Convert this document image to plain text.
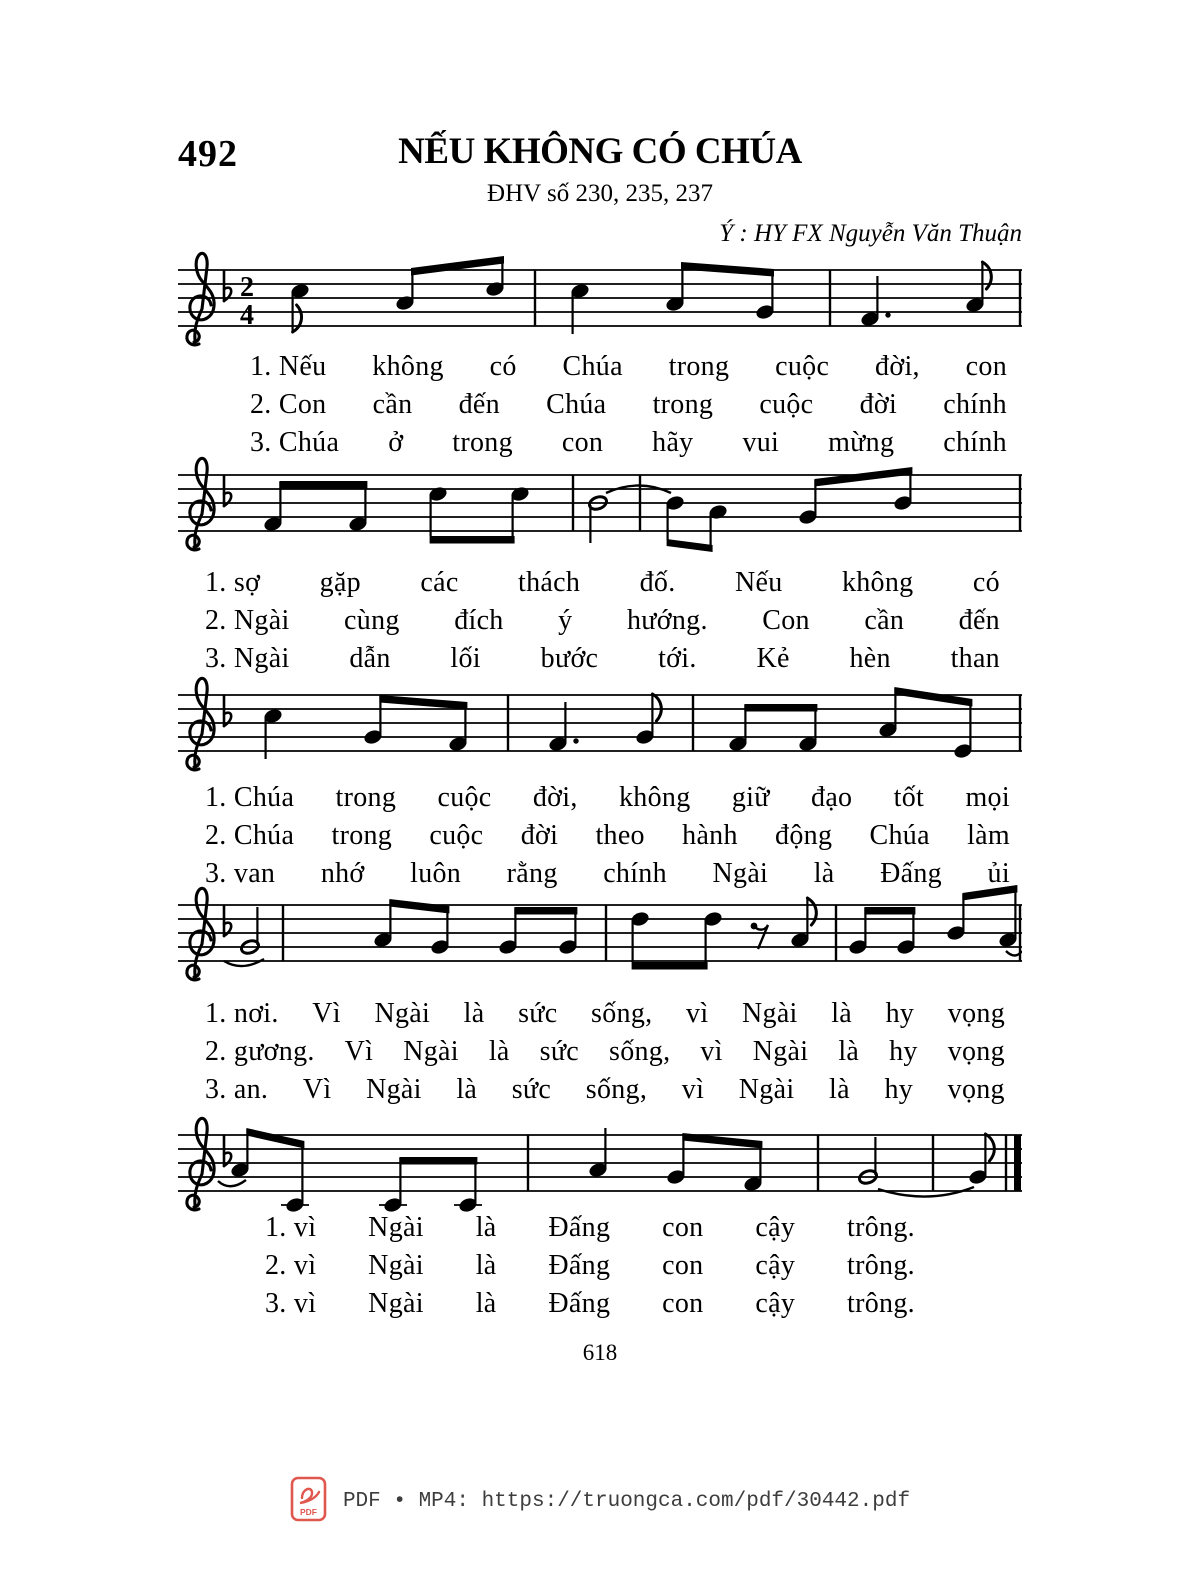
492	NẾU KHÔNG CÓ CHÚA
ĐHV số 230, 235, 237
Ý : HY FX Nguyễn Văn Thuận
2
4
1. Nếu không có Chúa trong cuộc đời, con
2. Con cần đến Chúa trong cuộc đời chính
3. Chúa ở trong con hãy vui mừng chính
1. sợ gặp các thách đố. Nếu không có
2. Ngài cùng đích ý hướng. Con cần đến
3. Ngài dẫn lối bước tới. Kẻ hèn than
1. Chúa trong cuộc đời, không giữ đạo tốt mọi
2. Chúa trong cuộc đời theo hành động Chúa làm
3. van nhớ luôn rằng chính Ngài là Đấng ủi
1. nơi. Vì Ngài là sức sống, vì Ngài là hy vọng
2. gương. Vì Ngài là sức sống, vì Ngài là hy vọng
3. an. Vì Ngài là sức sống, vì Ngài là hy vọng
1. vì Ngài là Đấng con cậy trông.
2. vì Ngài là Đấng con cậy trông.
3. vì Ngài là Đấng con cậy trông.
618
PDF PDF • MP4: https://truongca.com/pdf/30442.pdf
